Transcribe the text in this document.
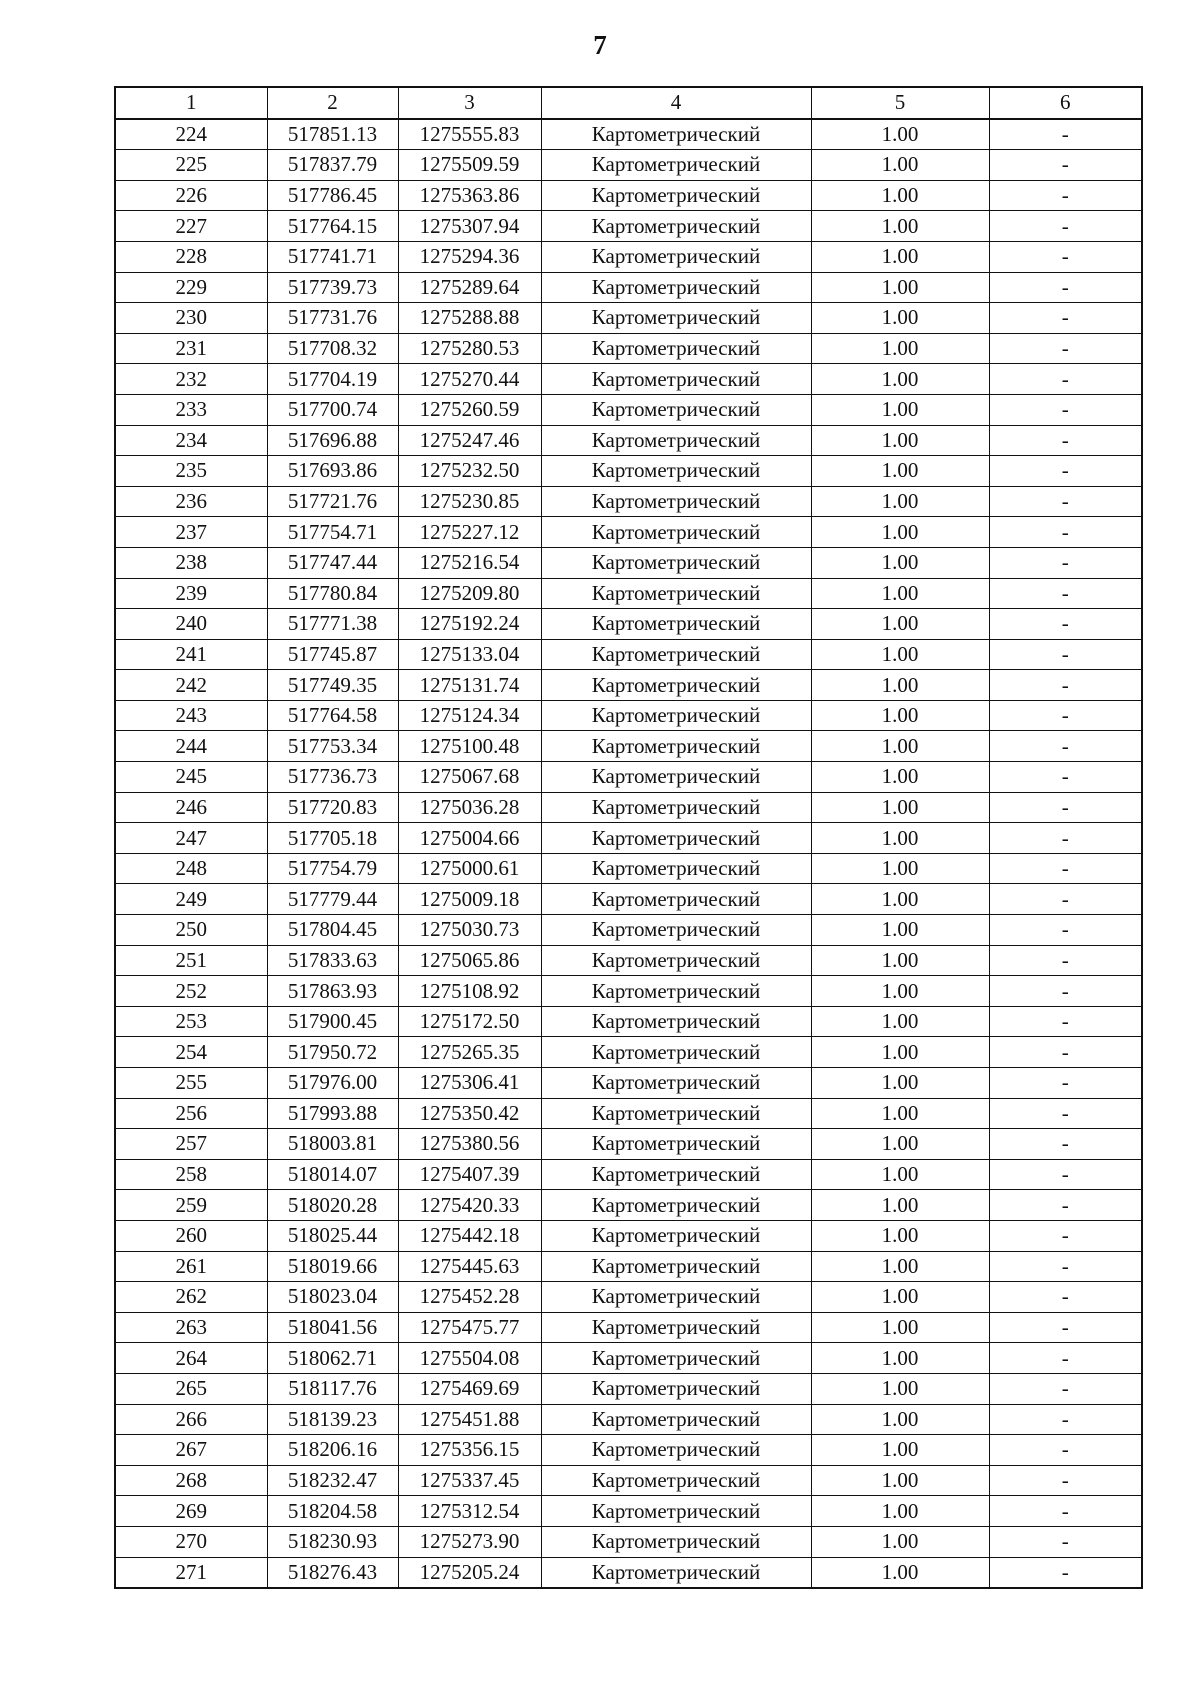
7
1	2	3	4	5	6
224	517851.13	1275555.83	Картометрический	1.00	-
225	517837.79	1275509.59	Картометрический	1.00	-
226	517786.45	1275363.86	Картометрический	1.00	-
227	517764.15	1275307.94	Картометрический	1.00	-
228	517741.71	1275294.36	Картометрический	1.00	-
229	517739.73	1275289.64	Картометрический	1.00	-
230	517731.76	1275288.88	Картометрический	1.00	-
231	517708.32	1275280.53	Картометрический	1.00	-
232	517704.19	1275270.44	Картометрический	1.00	-
233	517700.74	1275260.59	Картометрический	1.00	-
234	517696.88	1275247.46	Картометрический	1.00	-
235	517693.86	1275232.50	Картометрический	1.00	-
236	517721.76	1275230.85	Картометрический	1.00	-
237	517754.71	1275227.12	Картометрический	1.00	-
238	517747.44	1275216.54	Картометрический	1.00	-
239	517780.84	1275209.80	Картометрический	1.00	-
240	517771.38	1275192.24	Картометрический	1.00	-
241	517745.87	1275133.04	Картометрический	1.00	-
242	517749.35	1275131.74	Картометрический	1.00	-
243	517764.58	1275124.34	Картометрический	1.00	-
244	517753.34	1275100.48	Картометрический	1.00	-
245	517736.73	1275067.68	Картометрический	1.00	-
246	517720.83	1275036.28	Картометрический	1.00	-
247	517705.18	1275004.66	Картометрический	1.00	-
248	517754.79	1275000.61	Картометрический	1.00	-
249	517779.44	1275009.18	Картометрический	1.00	-
250	517804.45	1275030.73	Картометрический	1.00	-
251	517833.63	1275065.86	Картометрический	1.00	-
252	517863.93	1275108.92	Картометрический	1.00	-
253	517900.45	1275172.50	Картометрический	1.00	-
254	517950.72	1275265.35	Картометрический	1.00	-
255	517976.00	1275306.41	Картометрический	1.00	-
256	517993.88	1275350.42	Картометрический	1.00	-
257	518003.81	1275380.56	Картометрический	1.00	-
258	518014.07	1275407.39	Картометрический	1.00	-
259	518020.28	1275420.33	Картометрический	1.00	-
260	518025.44	1275442.18	Картометрический	1.00	-
261	518019.66	1275445.63	Картометрический	1.00	-
262	518023.04	1275452.28	Картометрический	1.00	-
263	518041.56	1275475.77	Картометрический	1.00	-
264	518062.71	1275504.08	Картометрический	1.00	-
265	518117.76	1275469.69	Картометрический	1.00	-
266	518139.23	1275451.88	Картометрический	1.00	-
267	518206.16	1275356.15	Картометрический	1.00	-
268	518232.47	1275337.45	Картометрический	1.00	-
269	518204.58	1275312.54	Картометрический	1.00	-
270	518230.93	1275273.90	Картометрический	1.00	-
271	518276.43	1275205.24	Картометрический	1.00	-
